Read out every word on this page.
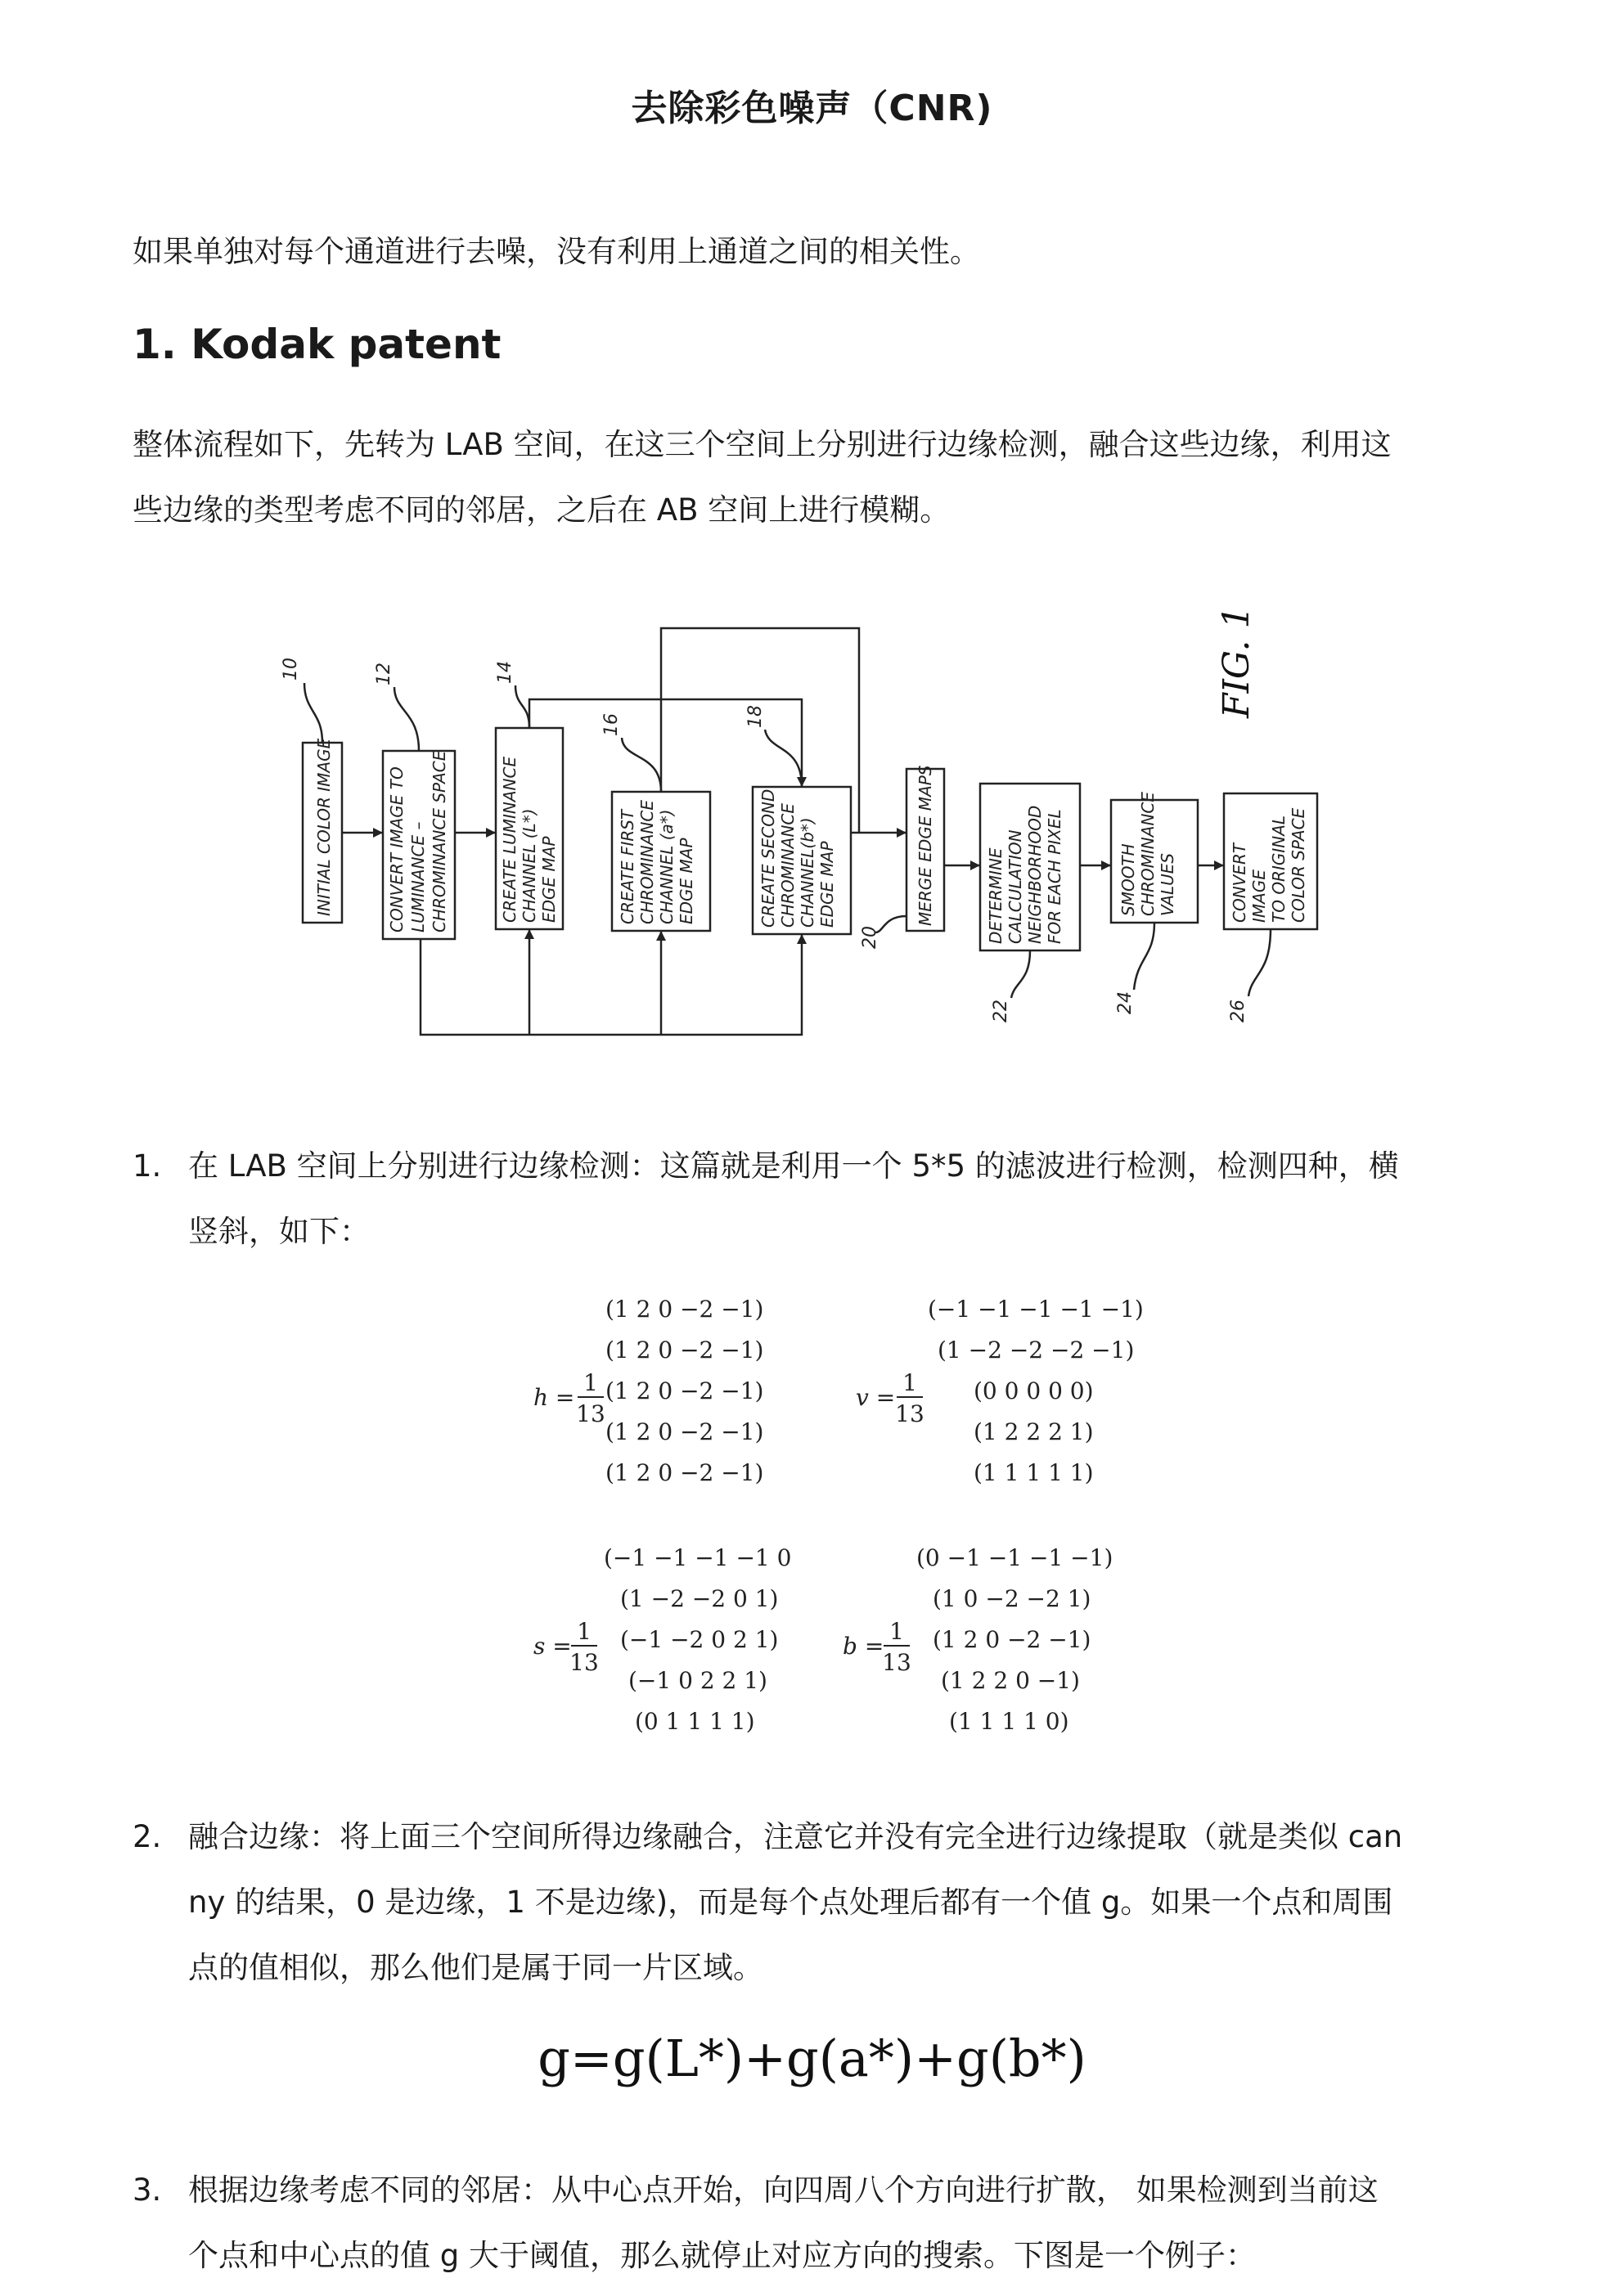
去除彩色噪声（CNR)
如果单独对每个通道进行去噪，没有利用上通道之间的相关性。
1. Kodak patent
整体流程如下，先转为 LAB 空间，在这三个空间上分别进行边缘检测，融合这些边缘，利用这
些边缘的类型考虑不同的邻居，之后在 AB 空间上进行模糊。
INITIAL COLOR IMAGE	CONVERT IMAGE TO LUMINANCE – CHROMINANCE SPACE	CREATE LUMINANCE CHANNEL (L*) EDGE MAP	CREATE FIRST CHROMINANCE CHANNEL (a*) EDGE MAP	CREATE SECOND CHROMINANCE CHANNEL(b*) EDGE MAP	MERGE EDGE MAPS	DETERMINE CALCULATION NEIGHBORHOOD FOR EACH PIXEL	SMOOTH CHROMINANCE VALUES	CONVERT IMAGE TO ORIGINAL COLOR SPACE
10	12	14
16	18
20
22	24	26
FIG. 1
1. 在 LAB 空间上分别进行边缘检测：这篇就是利用一个 5*5 的滤波进行检测，检测四种，横
竖斜，如下：
h =
1
13
(1 2 0 −2 −1)
(1 2 0 −2 −1)
(1 2 0 −2 −1)
(1 2 0 −2 −1)
(1 2 0 −2 −1)
v =
1
13
(−1 −1 −1 −1 −1)
(1 −2 −2 −2 −1)
(0 0 0 0 0)
(1 2 2 2 1)
(1 1 1 1 1)
s =
1
13
(−1 −1 −1 −1 0
(1 −2 −2 0 1)
(−1 −2 0 2 1)
(−1 0 2 2 1)
(0 1 1 1 1)
b =
1
13
(0 −1 −1 −1 −1)
(1 0 −2 −2 1)
(1 2 0 −2 −1)
(1 2 2 0 −1)
(1 1 1 1 0)
2. 融合边缘：将上面三个空间所得边缘融合，注意它并没有完全进行边缘提取（就是类似 can
ny 的结果，0 是边缘，1 不是边缘)，而是每个点处理后都有一个值 g。如果一个点和周围
点的值相似，那么他们是属于同一片区域。
g=g(L*)+g(a*)+g(b*)
3. 根据边缘考虑不同的邻居：从中心点开始，向四周八个方向进行扩散， 如果检测到当前这
个点和中心点的值 g 大于阈值，那么就停止对应方向的搜索。下图是一个例子：
